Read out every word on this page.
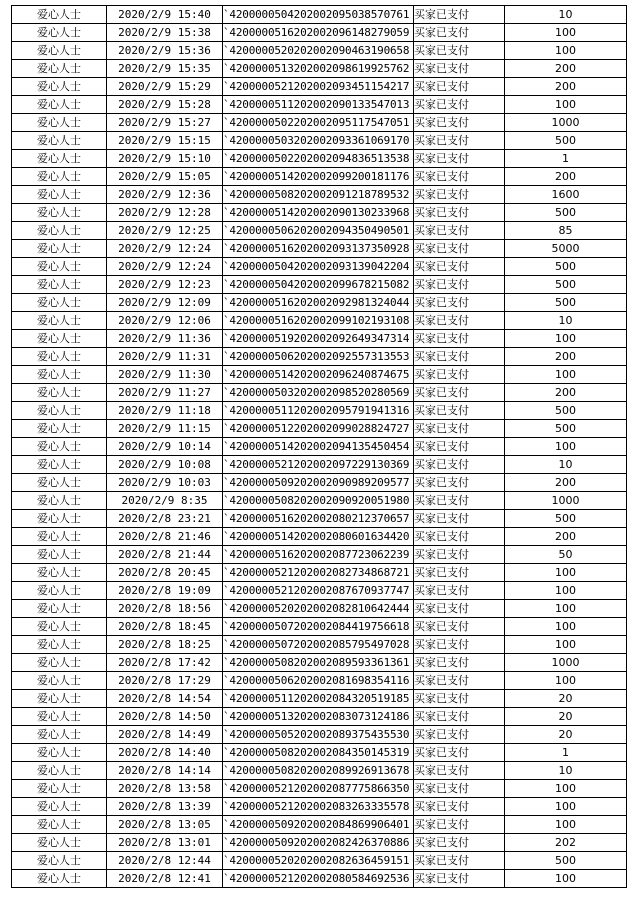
爱心人士	2020/2/9 15:40	`4200000504202002095038570761	买家已支付	10
爱心人士	2020/2/9 15:38	`4200000516202002096148279059	买家已支付	100
爱心人士	2020/2/9 15:36	`4200000520202002090463190658	买家已支付	100
爱心人士	2020/2/9 15:35	`4200000513202002098619925762	买家已支付	200
爱心人士	2020/2/9 15:29	`4200000521202002093451154217	买家已支付	200
爱心人士	2020/2/9 15:28	`4200000511202002090133547013	买家已支付	100
爱心人士	2020/2/9 15:27	`4200000502202002095117547051	买家已支付	1000
爱心人士	2020/2/9 15:15	`4200000503202002093361069170	买家已支付	500
爱心人士	2020/2/9 15:10	`4200000502202002094836513538	买家已支付	1
爱心人士	2020/2/9 15:05	`4200000514202002099200181176	买家已支付	200
爱心人士	2020/2/9 12:36	`4200000508202002091218789532	买家已支付	1600
爱心人士	2020/2/9 12:28	`4200000514202002090130233968	买家已支付	500
爱心人士	2020/2/9 12:25	`4200000506202002094350490501	买家已支付	85
爱心人士	2020/2/9 12:24	`4200000516202002093137350928	买家已支付	5000
爱心人士	2020/2/9 12:24	`4200000504202002093139042204	买家已支付	500
爱心人士	2020/2/9 12:23	`4200000504202002099678215082	买家已支付	500
爱心人士	2020/2/9 12:09	`4200000516202002092981324044	买家已支付	500
爱心人士	2020/2/9 12:06	`4200000516202002099102193108	买家已支付	10
爱心人士	2020/2/9 11:36	`4200000519202002092649347314	买家已支付	100
爱心人士	2020/2/9 11:31	`4200000506202002092557313553	买家已支付	200
爱心人士	2020/2/9 11:30	`4200000514202002096240874675	买家已支付	100
爱心人士	2020/2/9 11:27	`4200000503202002098520280569	买家已支付	200
爱心人士	2020/2/9 11:18	`4200000511202002095791941316	买家已支付	500
爱心人士	2020/2/9 11:15	`4200000512202002099028824727	买家已支付	500
爱心人士	2020/2/9 10:14	`4200000514202002094135450454	买家已支付	100
爱心人士	2020/2/9 10:08	`4200000521202002097229130369	买家已支付	10
爱心人士	2020/2/9 10:03	`4200000509202002090989209577	买家已支付	200
爱心人士	2020/2/9 8:35	`4200000508202002090920051980	买家已支付	1000
爱心人士	2020/2/8 23:21	`4200000516202002080212370657	买家已支付	500
爱心人士	2020/2/8 21:46	`4200000514202002080601634420	买家已支付	200
爱心人士	2020/2/8 21:44	`4200000516202002087723062239	买家已支付	50
爱心人士	2020/2/8 20:45	`4200000521202002082734868721	买家已支付	100
爱心人士	2020/2/8 19:09	`4200000521202002087670937747	买家已支付	100
爱心人士	2020/2/8 18:56	`4200000520202002082810642444	买家已支付	100
爱心人士	2020/2/8 18:45	`4200000507202002084419756618	买家已支付	100
爱心人士	2020/2/8 18:25	`4200000507202002085795497028	买家已支付	100
爱心人士	2020/2/8 17:42	`4200000508202002089593361361	买家已支付	1000
爱心人士	2020/2/8 17:29	`4200000506202002081698354116	买家已支付	100
爱心人士	2020/2/8 14:54	`4200000511202002084320519185	买家已支付	20
爱心人士	2020/2/8 14:50	`4200000513202002083073124186	买家已支付	20
爱心人士	2020/2/8 14:49	`4200000505202002089375435530	买家已支付	20
爱心人士	2020/2/8 14:40	`4200000508202002084350145319	买家已支付	1
爱心人士	2020/2/8 14:14	`4200000508202002089926913678	买家已支付	10
爱心人士	2020/2/8 13:58	`4200000521202002087775866350	买家已支付	100
爱心人士	2020/2/8 13:39	`4200000521202002083263335578	买家已支付	100
爱心人士	2020/2/8 13:05	`4200000509202002084869906401	买家已支付	100
爱心人士	2020/2/8 13:01	`4200000509202002082426370886	买家已支付	202
爱心人士	2020/2/8 12:44	`4200000520202002082636459151	买家已支付	500
爱心人士	2020/2/8 12:41	`4200000521202002080584692536	买家已支付	100
